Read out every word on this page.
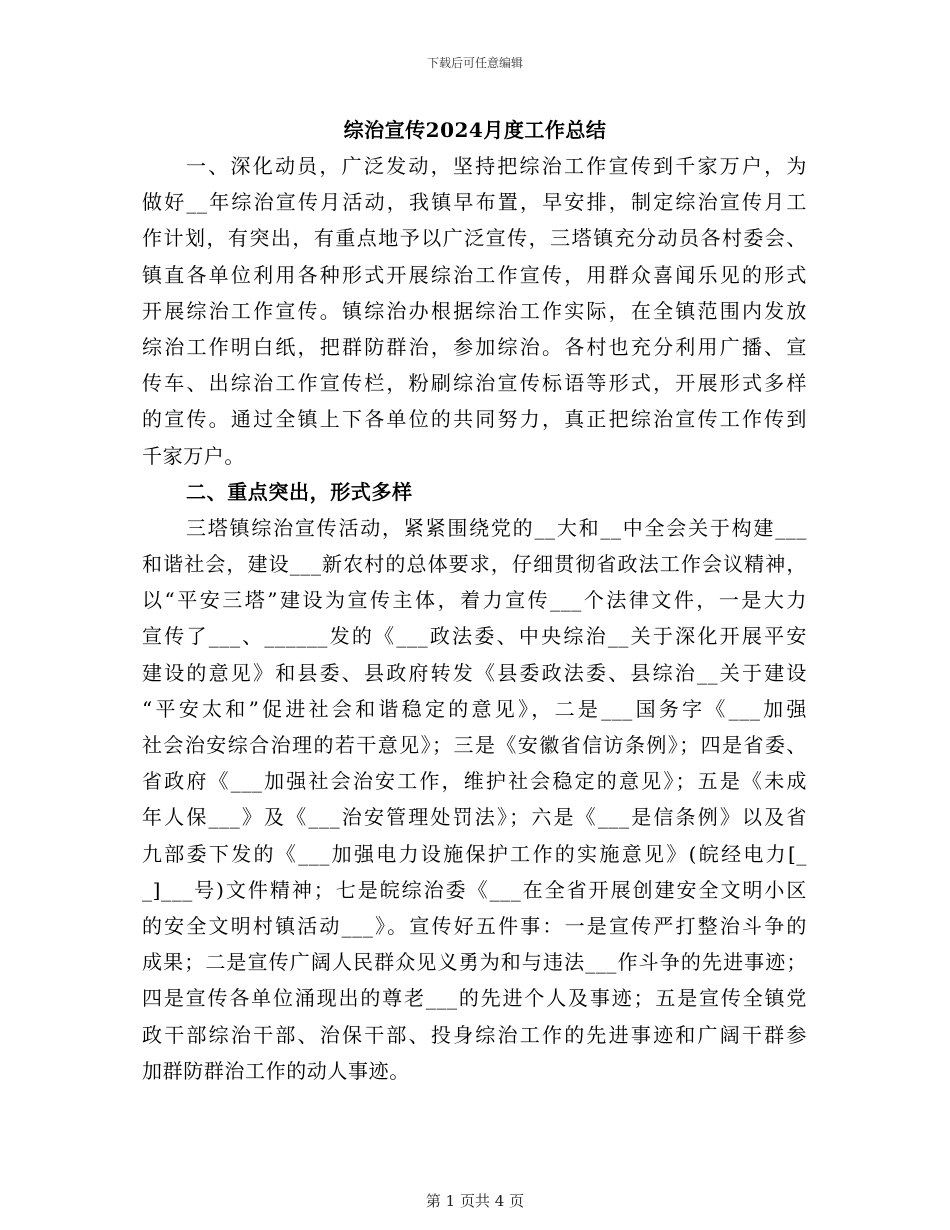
下载后可任意编辑
综治宣传2024月度工作总结
一、深化动员，广泛发动，坚持把综治工作宣传到千家万户，为
做好__年综治宣传月活动，我镇早布置，早安排，制定综治宣传月工
作计划，有突出，有重点地予以广泛宣传，三塔镇充分动员各村委会、
镇直各单位利用各种形式开展综治工作宣传，用群众喜闻乐见的形式
开展综治工作宣传。镇综治办根据综治工作实际，在全镇范围内发放
综治工作明白纸，把群防群治，参加综治。各村也充分利用广播、宣
传车、出综治工作宣传栏，粉刷综治宣传标语等形式，开展形式多样
的宣传。通过全镇上下各单位的共同努力，真正把综治宣传工作传到
千家万户。
二、重点突出，形式多样
三塔镇综治宣传活动，紧紧围绕党的__大和__中全会关于构建___
和谐社会，建设___新农村的总体要求，仔细贯彻省政法工作会议精神，
以“平安三塔”建设为宣传主体，着力宣传___个法律文件，一是大力
宣传了___、______发的《___政法委、中央综治__关于深化开展平安
建设的意见》和县委、县政府转发《县委政法委、县综治__关于建设
“平安太和”促进社会和谐稳定的意见》，二是___国务字《___加强
社会治安综合治理的若干意见》；三是《安徽省信访条例》；四是省委、
省政府《___加强社会治安工作，维护社会稳定的意见》；五是《未成
年人保___》及《___治安管理处罚法》；六是《___是信条例》以及省
九部委下发的《___加强电力设施保护工作的实施意见》(皖经电力[_
_]___号)文件精神；七是皖综治委《___在全省开展创建安全文明小区
的安全文明村镇活动___》。宣传好五件事：一是宣传严打整治斗争的
成果；二是宣传广阔人民群众见义勇为和与违法___作斗争的先进事迹；
四是宣传各单位涌现出的尊老___的先进个人及事迹；五是宣传全镇党
政干部综治干部、治保干部、投身综治工作的先进事迹和广阔干群参
加群防群治工作的动人事迹。
第 1 页共 4 页
